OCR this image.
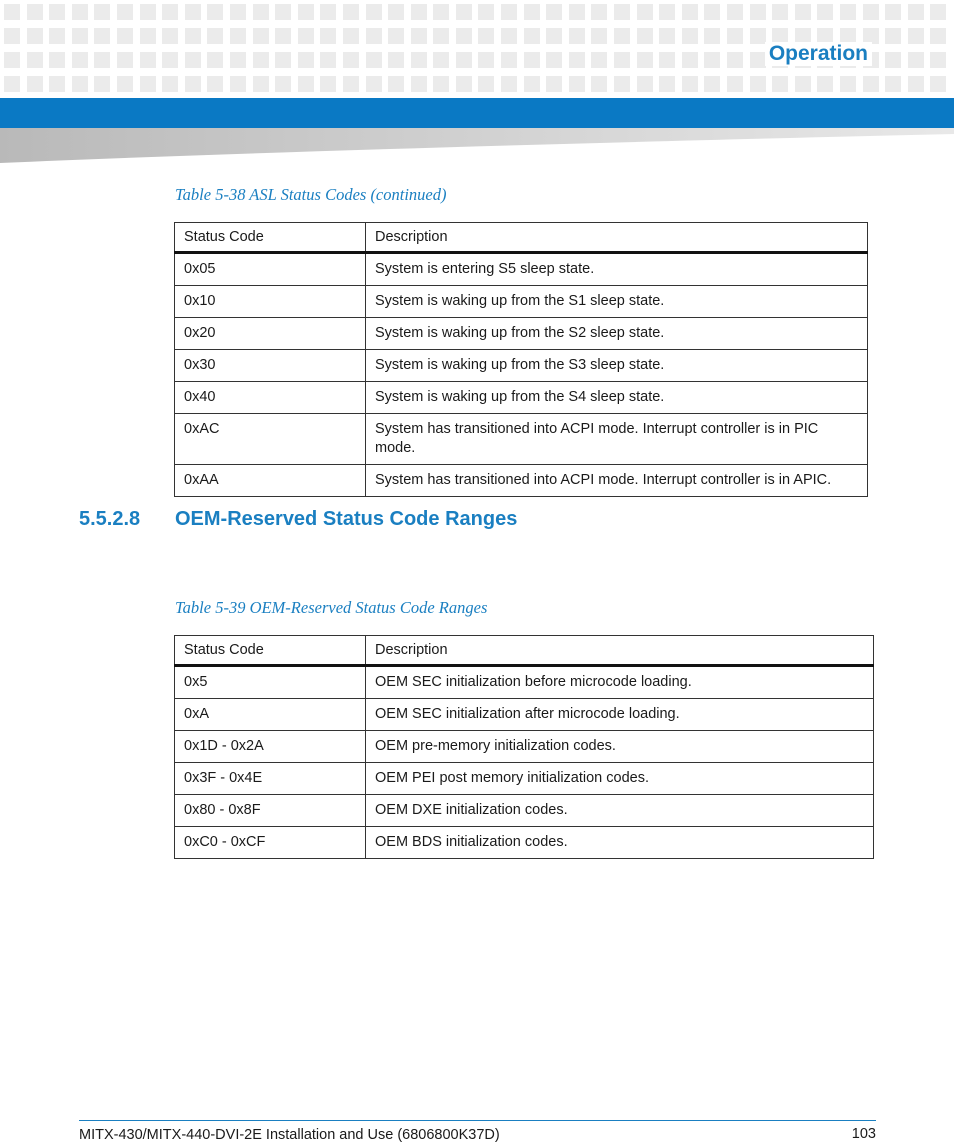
Operation
Table 5-38 ASL Status Codes (continued)
Status Code	Description
0x05	System is entering S5 sleep state.
0x10	System is waking up from the S1 sleep state.
0x20	System is waking up from the S2 sleep state.
0x30	System is waking up from the S3 sleep state.
0x40	System is waking up from the S4 sleep state.
0xAC	System has transitioned into ACPI mode. Interrupt controller is in PIC mode.
0xAA	System has transitioned into ACPI mode. Interrupt controller is in APIC.
5.5.2.8	OEM-Reserved Status Code Ranges
Table 5-39 OEM-Reserved Status Code Ranges
Status Code	Description
0x5	OEM SEC initialization before microcode loading.
0xA	OEM SEC initialization after microcode loading.
0x1D - 0x2A	OEM pre-memory initialization codes.
0x3F - 0x4E	OEM PEI post memory initialization codes.
0x80 - 0x8F	OEM DXE initialization codes.
0xC0 - 0xCF	OEM BDS initialization codes.
MITX-430/MITX-440-DVI-2E Installation and Use (6806800K37D)	103
